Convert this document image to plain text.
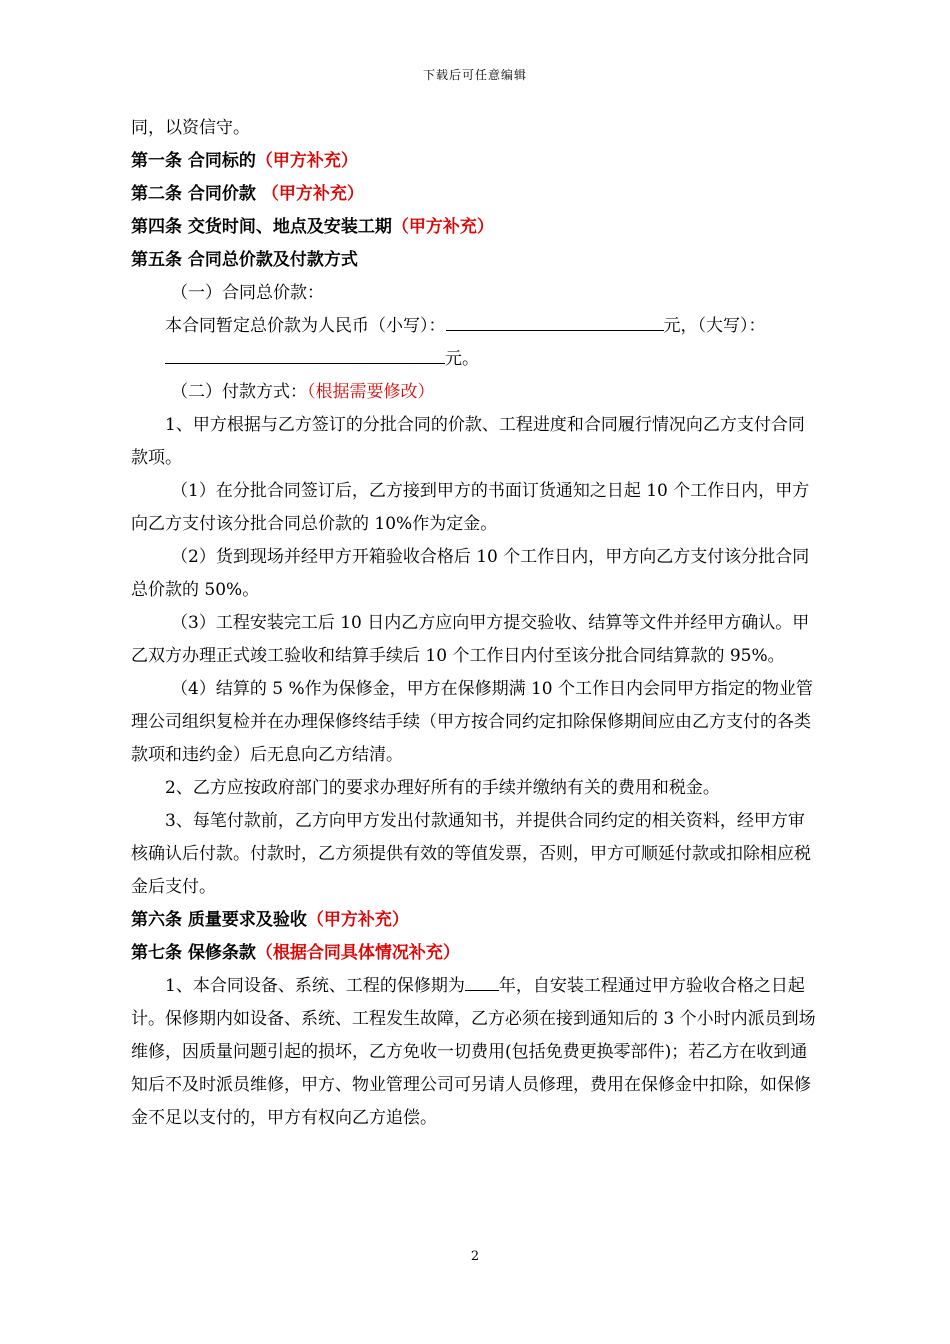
下载后可任意编辑

同，以资信守。

第一条 合同标的（甲方补充）

第二条 合同价款 （甲方补充）

第四条 交货时间、地点及安装工期（甲方补充）

第五条 合同总价款及付款方式

（一）合同总价款：

本合同暂定总价款为人民币（小写）：	元，（大写）：

元。

（二）付款方式：（根据需要修改）

1、甲方根据与乙方签订的分批合同的价款、工程进度和合同履行情况向乙方支付合同款项。

（1）在分批合同签订后，乙方接到甲方的书面订货通知之日起 10 个工作日内，甲方向乙方支付该分批合同总价款的 10%作为定金。

（2）货到现场并经甲方开箱验收合格后 10 个工作日内，甲方向乙方支付该分批合同总价款的 50%。

（3）工程安装完工后 10 日内乙方应向甲方提交验收、结算等文件并经甲方确认。甲乙双方办理正式竣工验收和结算手续后 10 个工作日内付至该分批合同结算款的 95%。

（4）结算的 5 %作为保修金，甲方在保修期满 10 个工作日内会同甲方指定的物业管理公司组织复检并在办理保修终结手续（甲方按合同约定扣除保修期间应由乙方支付的各类款项和违约金）后无息向乙方结清。

2、乙方应按政府部门的要求办理好所有的手续并缴纳有关的费用和税金。

3、每笔付款前，乙方向甲方发出付款通知书，并提供合同约定的相关资料，经甲方审核确认后付款。付款时，乙方须提供有效的等值发票，否则，甲方可顺延付款或扣除相应税金后支付。

第六条 质量要求及验收（甲方补充）

第七条 保修条款（根据合同具体情况补充）

1、本合同设备、系统、工程的保修期为 年，自安装工程通过甲方验收合格之日起计。保修期内如设备、系统、工程发生故障，乙方必须在接到通知后的 3 个小时内派员到场维修，因质量问题引起的损坏，乙方免收一切费用(包括免费更换零部件)；若乙方在收到通知后不及时派员维修，甲方、物业管理公司可另请人员修理，费用在保修金中扣除，如保修金不足以支付的，甲方有权向乙方追偿。

2
